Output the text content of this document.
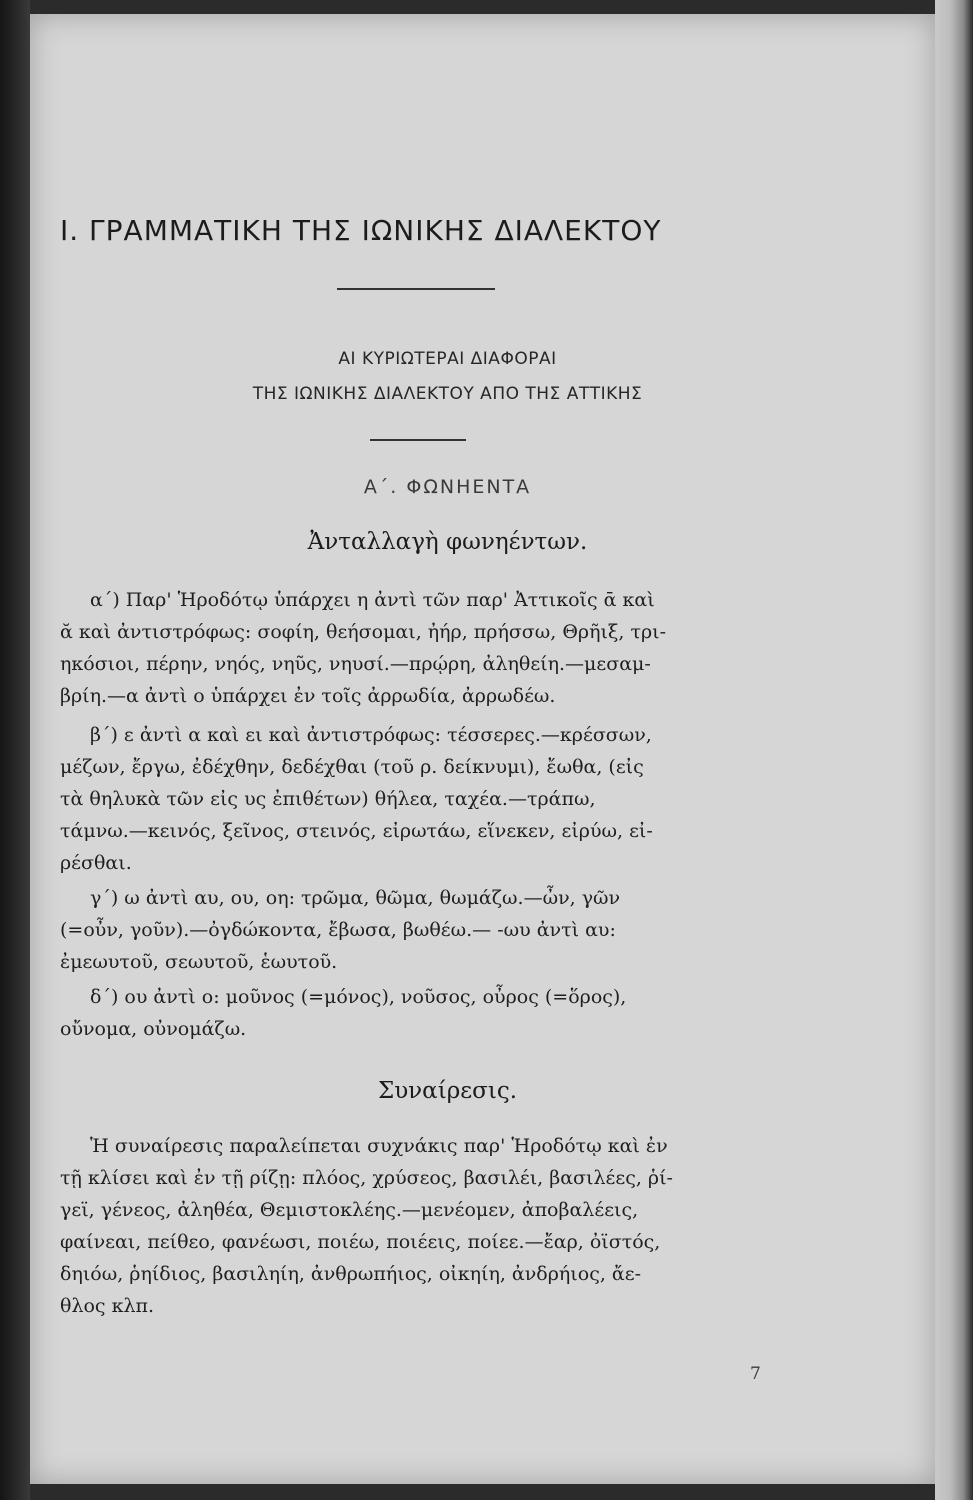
I. ΓΡΑΜΜΑΤΙΚΗ ΤΗΣ ΙΩΝΙΚΗΣ ΔΙΑΛΕΚΤΟΥ
ΑΙ ΚΥΡΙΩΤΕΡΑΙ ΔΙΑΦΟΡΑΙ
ΤΗΣ ΙΩΝΙΚΗΣ ΔΙΑΛΕΚΤΟΥ ΑΠΟ ΤΗΣ ΑΤΤΙΚΗΣ
Α΄. ΦΩΝΗΕΝΤΑ
Ἀνταλλαγὴ φωνηέντων.
α΄) Παρ' Ἡροδότῳ ὑπάρχει η ἀντὶ τῶν παρ' Ἀττικοῖς ᾱ καὶ
ᾰ καὶ ἀντιστρόφως: σοφίη, θεήσομαι, ἠήρ, πρήσσω, Θρῆιξ, τρι-
ηκόσιοι, πέρην, νηός, νηῦς, νηυσί.—πρῴρη, ἀληθείη.—μεσαμ-
βρίη.—α ἀντὶ ο ὑπάρχει ἐν τοῖς ἀρρωδία, ἀρρωδέω.
β΄) ε ἀντὶ α καὶ ει καὶ ἀντιστρόφως: τέσσερες.—κρέσσων,
μέζων, ἔργω, ἐδέχθην, δεδέχθαι (τοῦ ρ. δείκνυμι), ἔωθα, (εἰς
τὰ θηλυκὰ τῶν εἰς υς ἐπιθέτων) θήλεα, ταχέα.—τράπω,
τάμνω.—κεινός, ξεῖνος, στεινός, εἰρωτάω, εἵνεκεν, εἰρύω, εἰ-
ρέσθαι.
γ΄) ω ἀντὶ αυ, ου, οη: τρῶμα, θῶμα, θωμάζω.—ὦν, γῶν
(=οὖν, γοῦν).—ὀγδώκοντα, ἔβωσα, βωθέω.— -ωυ ἀντὶ αυ:
ἐμεωυτοῦ, σεωυτοῦ, ἑωυτοῦ.
δ΄) ου ἀντὶ ο: μοῦνος (=μόνος), νοῦσος, οὖρος (=ὅρος),
οὔνομα, οὐνομάζω.
Συναίρεσις.
Ἡ συναίρεσις παραλείπεται συχνάκις παρ' Ἡροδότῳ καὶ ἐν
τῇ κλίσει καὶ ἐν τῇ ρίζῃ: πλόος, χρύσεος, βασιλέι, βασιλέες, ῥί-
γεϊ, γένεος, ἀληθέα, Θεμιστοκλέης.—μενέομεν, ἀποβαλέεις,
φαίνεαι, πείθεο, φανέωσι, ποιέω, ποιέεις, ποίεε.—ἔαρ, ὀϊστός,
δηιόω, ῥηίδιος, βασιληίη, ἀνθρωπήιος, οἰκηίη, ἀνδρήιος, ἄε-
θλος κλπ.
7
